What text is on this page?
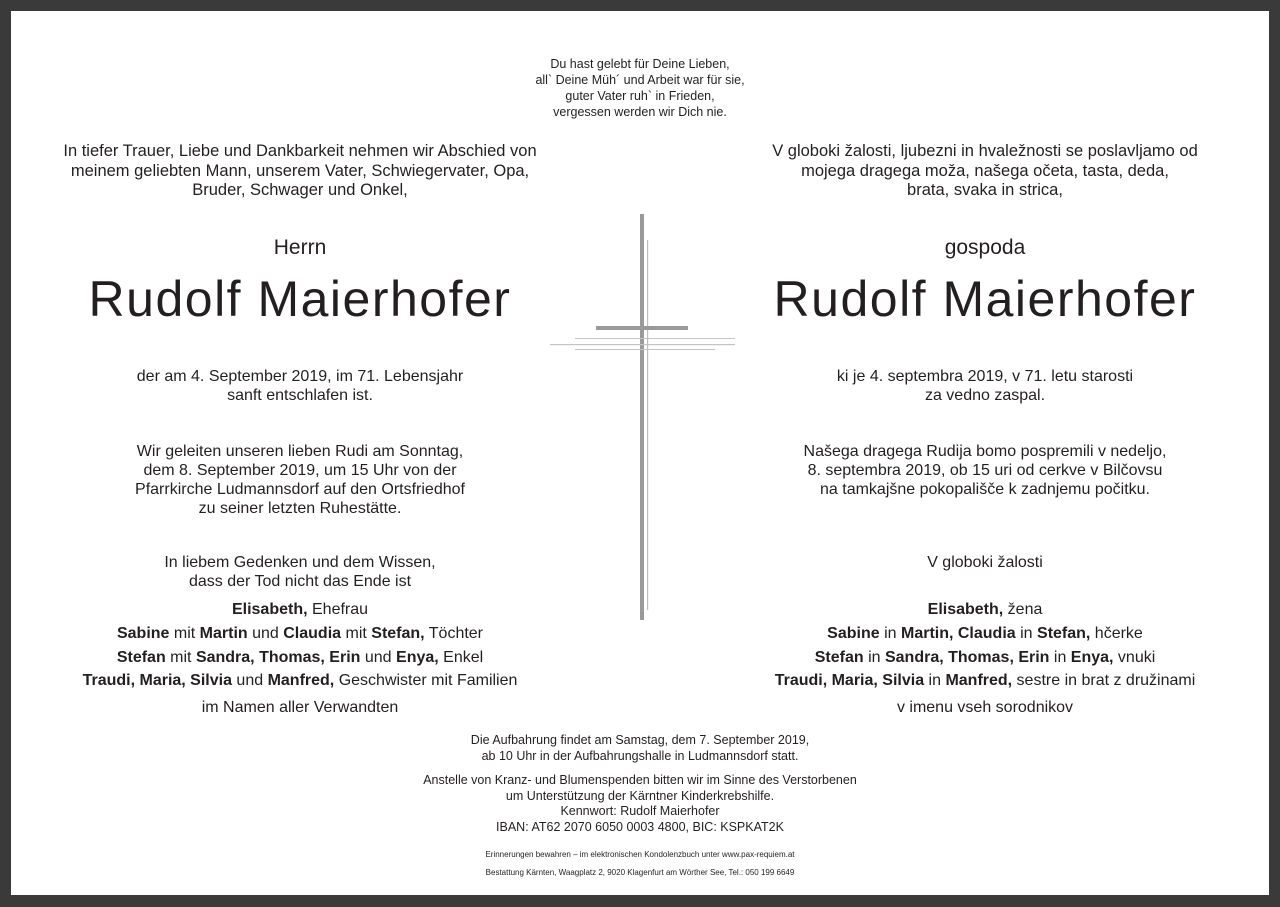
Du hast gelebt für Deine Lieben,

all` Deine Müh´ und Arbeit war für sie,

guter Vater ruh` in Frieden,

vergessen werden wir Dich nie.

In tiefer Trauer, Liebe und Dankbarkeit nehmen wir Abschied von

meinem geliebten Mann, unserem Vater, Schwiegervater, Opa,

Bruder, Schwager und Onkel,

Herrn
Rudolf Maierhofer

der am 4. September 2019, im 71. Lebensjahr

sanft entschlafen ist.

Wir geleiten unseren lieben Rudi am Sonntag,

dem 8. September 2019, um 15 Uhr von der

Pfarrkirche Ludmannsdorf auf den Ortsfriedhof

zu seiner letzten Ruhestätte.

In liebem Gedenken und dem Wissen,

dass der Tod nicht das Ende ist

Elisabeth, Ehefrau

Sabine mit Martin und Claudia mit Stefan, Töchter

Stefan mit Sandra, Thomas, Erin und Enya, Enkel

Traudi, Maria, Silvia und Manfred, Geschwister mit Familien

im Namen aller Verwandten

V globoki žalosti, ljubezni in hvaležnosti se poslavljamo od

mojega dragega moža, našega očeta, tasta, deda,

brata, svaka in strica,

gospoda
Rudolf Maierhofer

ki je 4. septembra 2019, v 71. letu starosti

za vedno zaspal.

Našega dragega Rudija bomo pospremili v nedeljo,

8. septembra 2019, ob 15 uri od cerkve v Bilčovsu

na tamkajšne pokopališče k zadnjemu počitku.

V globoki žalosti

Elisabeth, žena

Sabine in Martin, Claudia in Stefan, hčerke

Stefan in Sandra, Thomas, Erin in Enya, vnuki

Traudi, Maria, Silvia in Manfred, sestre in brat z družinami

v imenu vseh sorodnikov

Die Aufbahrung findet am Samstag, dem 7. September 2019,

ab 10 Uhr in der Aufbahrungshalle in Ludmannsdorf statt.

Anstelle von Kranz- und Blumenspenden bitten wir im Sinne des Verstorbenen

um Unterstützung der Kärntner Kinderkrebshilfe.

Kennwort: Rudolf Maierhofer

IBAN: AT62 2070 6050 0003 4800, BIC: KSPKAT2K

Erinnerungen bewahren – im elektronischen Kondolenzbuch unter www.pax-requiem.at
Bestattung Kärnten, Waagplatz 2, 9020 Klagenfurt am Wörther See, Tel.: 050 199 6649
